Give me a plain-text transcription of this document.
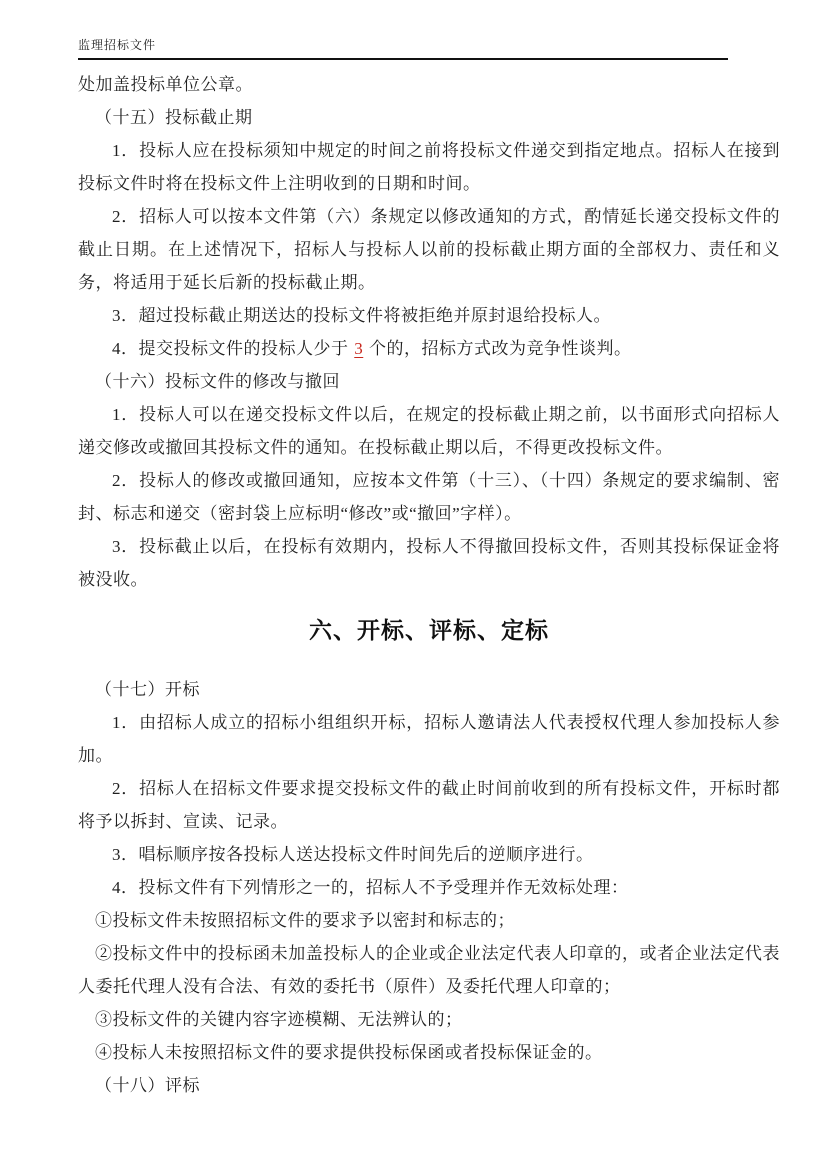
监理招标文件

处加盖投标单位公章。

（十五）投标截止期

1．投标人应在投标须知中规定的时间之前将投标文件递交到指定地点。招标人在接到投标文件时将在投标文件上注明收到的日期和时间。

2．招标人可以按本文件第（六）条规定以修改通知的方式，酌情延长递交投标文件的截止日期。在上述情况下，招标人与投标人以前的投标截止期方面的全部权力、责任和义务，将适用于延长后新的投标截止期。

3．超过投标截止期送达的投标文件将被拒绝并原封退给投标人。

4．提交投标文件的投标人少于 3 个的，招标方式改为竞争性谈判。

（十六）投标文件的修改与撤回

1．投标人可以在递交投标文件以后，在规定的投标截止期之前，以书面形式向招标人递交修改或撤回其投标文件的通知。在投标截止期以后，不得更改投标文件。

2．投标人的修改或撤回通知，应按本文件第（十三）、（十四）条规定的要求编制、密封、标志和递交（密封袋上应标明“修改”或“撤回”字样）。

3．投标截止以后，在投标有效期内，投标人不得撤回投标文件，否则其投标保证金将被没收。

六、开标、评标、定标

（十七）开标

1．由招标人成立的招标小组组织开标，招标人邀请法人代表授权代理人参加投标人参加。

2．招标人在招标文件要求提交投标文件的截止时间前收到的所有投标文件，开标时都将予以拆封、宣读、记录。

3．唱标顺序按各投标人送达投标文件时间先后的逆顺序进行。

4．投标文件有下列情形之一的，招标人不予受理并作无效标处理：

①投标文件未按照招标文件的要求予以密封和标志的；

②投标文件中的投标函未加盖投标人的企业或企业法定代表人印章的，或者企业法定代表人委托代理人没有合法、有效的委托书（原件）及委托代理人印章的；

③投标文件的关键内容字迹模糊、无法辨认的；

④投标人未按照招标文件的要求提供投标保函或者投标保证金的。

（十八）评标
